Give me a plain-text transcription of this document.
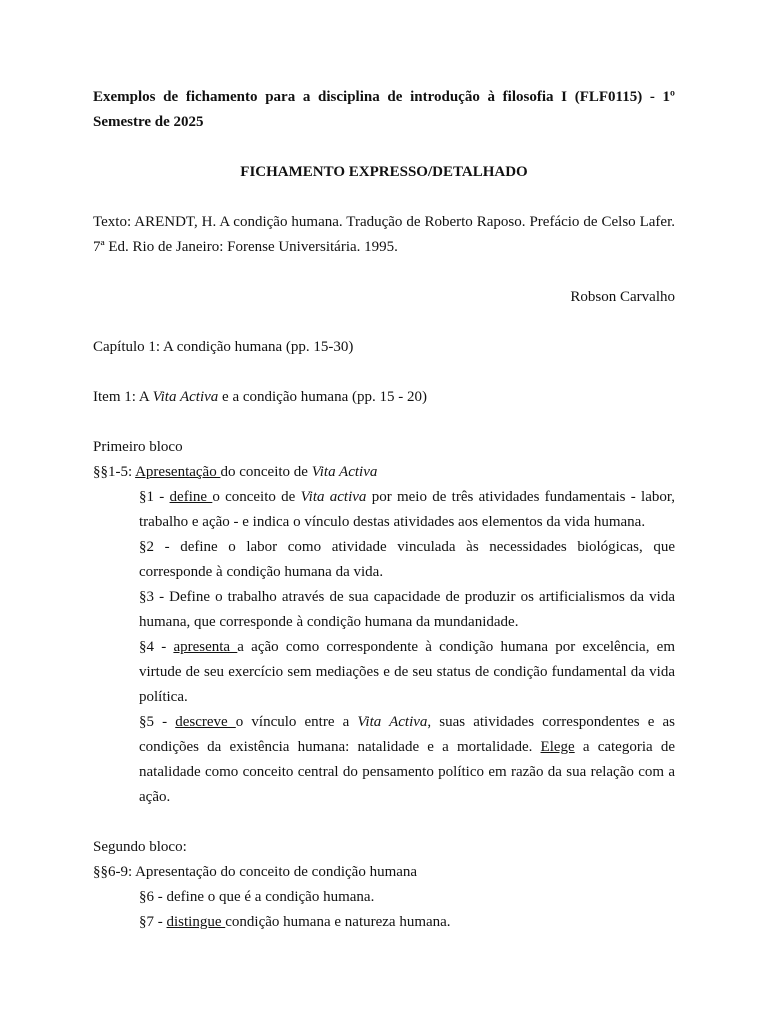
Exemplos de fichamento para a disciplina de introdução à filosofia I (FLF0115) - 1º Semestre de 2025

FICHAMENTO EXPRESSO/DETALHADO

Texto: ARENDT, H. A condição humana. Tradução de Roberto Raposo. Prefácio de Celso Lafer. 7ª Ed. Rio de Janeiro: Forense Universitária. 1995.

Robson Carvalho

Capítulo 1: A condição humana (pp. 15-30)

Item 1: A Vita Activa e a condição humana (pp. 15 - 20)

Primeiro bloco

§§1-5: Apresentação do conceito de Vita Activa

§1 - define o conceito de Vita activa por meio de três atividades fundamentais - labor, trabalho e ação - e indica o vínculo destas atividades aos elementos da vida humana.

§2 - define o labor como atividade vinculada às necessidades biológicas, que corresponde à condição humana da vida.

§3 - Define o trabalho através de sua capacidade de produzir os artificialismos da vida humana, que corresponde à condição humana da mundanidade.

§4 - apresenta a ação como correspondente à condição humana por excelência, em virtude de seu exercício sem mediações e de seu status de condição fundamental da vida política.

§5 - descreve o vínculo entre a Vita Activa, suas atividades correspondentes e as condições da existência humana: natalidade e a mortalidade. Elege a categoria de natalidade como conceito central do pensamento político em razão da sua relação com a ação.

Segundo bloco:

§§6-9: Apresentação do conceito de condição humana

§6 - define o que é a condição humana.

§7 - distingue condição humana e natureza humana.
